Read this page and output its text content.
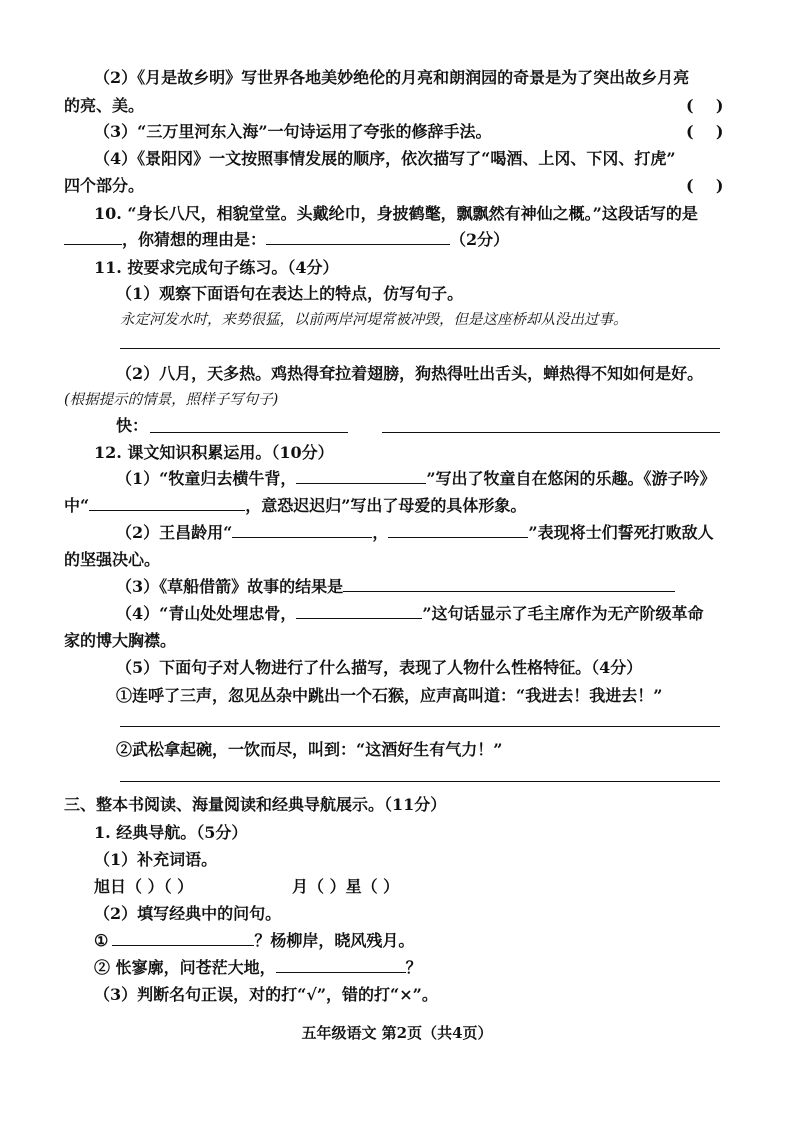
（2）《月是故乡明》写世界各地美妙绝伦的月亮和朗润园的奇景是为了突出故乡月亮
的亮、美。	(    )
（3）“三万里河东入海”一句诗运用了夸张的修辞手法。	(    )
（4）《景阳冈》一文按照事情发展的顺序，依次描写了“喝酒、上冈、下冈、打虎”
四个部分。	(    )
10. “身长八尺，相貌堂堂。头戴纶巾，身披鹤氅，飘飘然有神仙之概。”这段话写的是
，你猜想的理由是：	（2分）
11. 按要求完成句子练习。（4分）
（1）观察下面语句在表达上的特点，仿写句子。
永定河发水时，来势很猛，以前两岸河堤常被冲毁，但是这座桥却从没出过事。
（2）八月，天多热。鸡热得耷拉着翅膀，狗热得吐出舌头，蝉热得不知如何是好。
(根据提示的情景，照样子写句子)
快：
12. 课文知识积累运用。（10分）
（1）“牧童归去横牛背，	”写出了牧童自在悠闲的乐趣。《游子吟》
中“	，意恐迟迟归”写出了母爱的具体形象。
（2）王昌龄用“	，	”表现将士们誓死打败敌人
的坚强决心。
（3）《草船借箭》故事的结果是
（4）“青山处处埋忠骨，	”这句话显示了毛主席作为无产阶级革命
家的博大胸襟。
（5）下面句子对人物进行了什么描写，表现了人物什么性格特征。（4分）
①连呼了三声，忽见丛杂中跳出一个石猴，应声高叫道：“我进去！我进去！”
②武松拿起碗，一饮而尽，叫到：“这酒好生有气力！”
三、整本书阅读、海量阅读和经典导航展示。（11分）
1. 经典导航。（5分）
（1）补充词语。
旭日（ ）（ ）	月（ ）星（ ）
（2）填写经典中的问句。
①	？杨柳岸，晓风残月。
② 怅寥廓，问苍茫大地，	？
（3）判断名句正误，对的打“√”，错的打“×”。
五年级语文 第2页（共4页）
